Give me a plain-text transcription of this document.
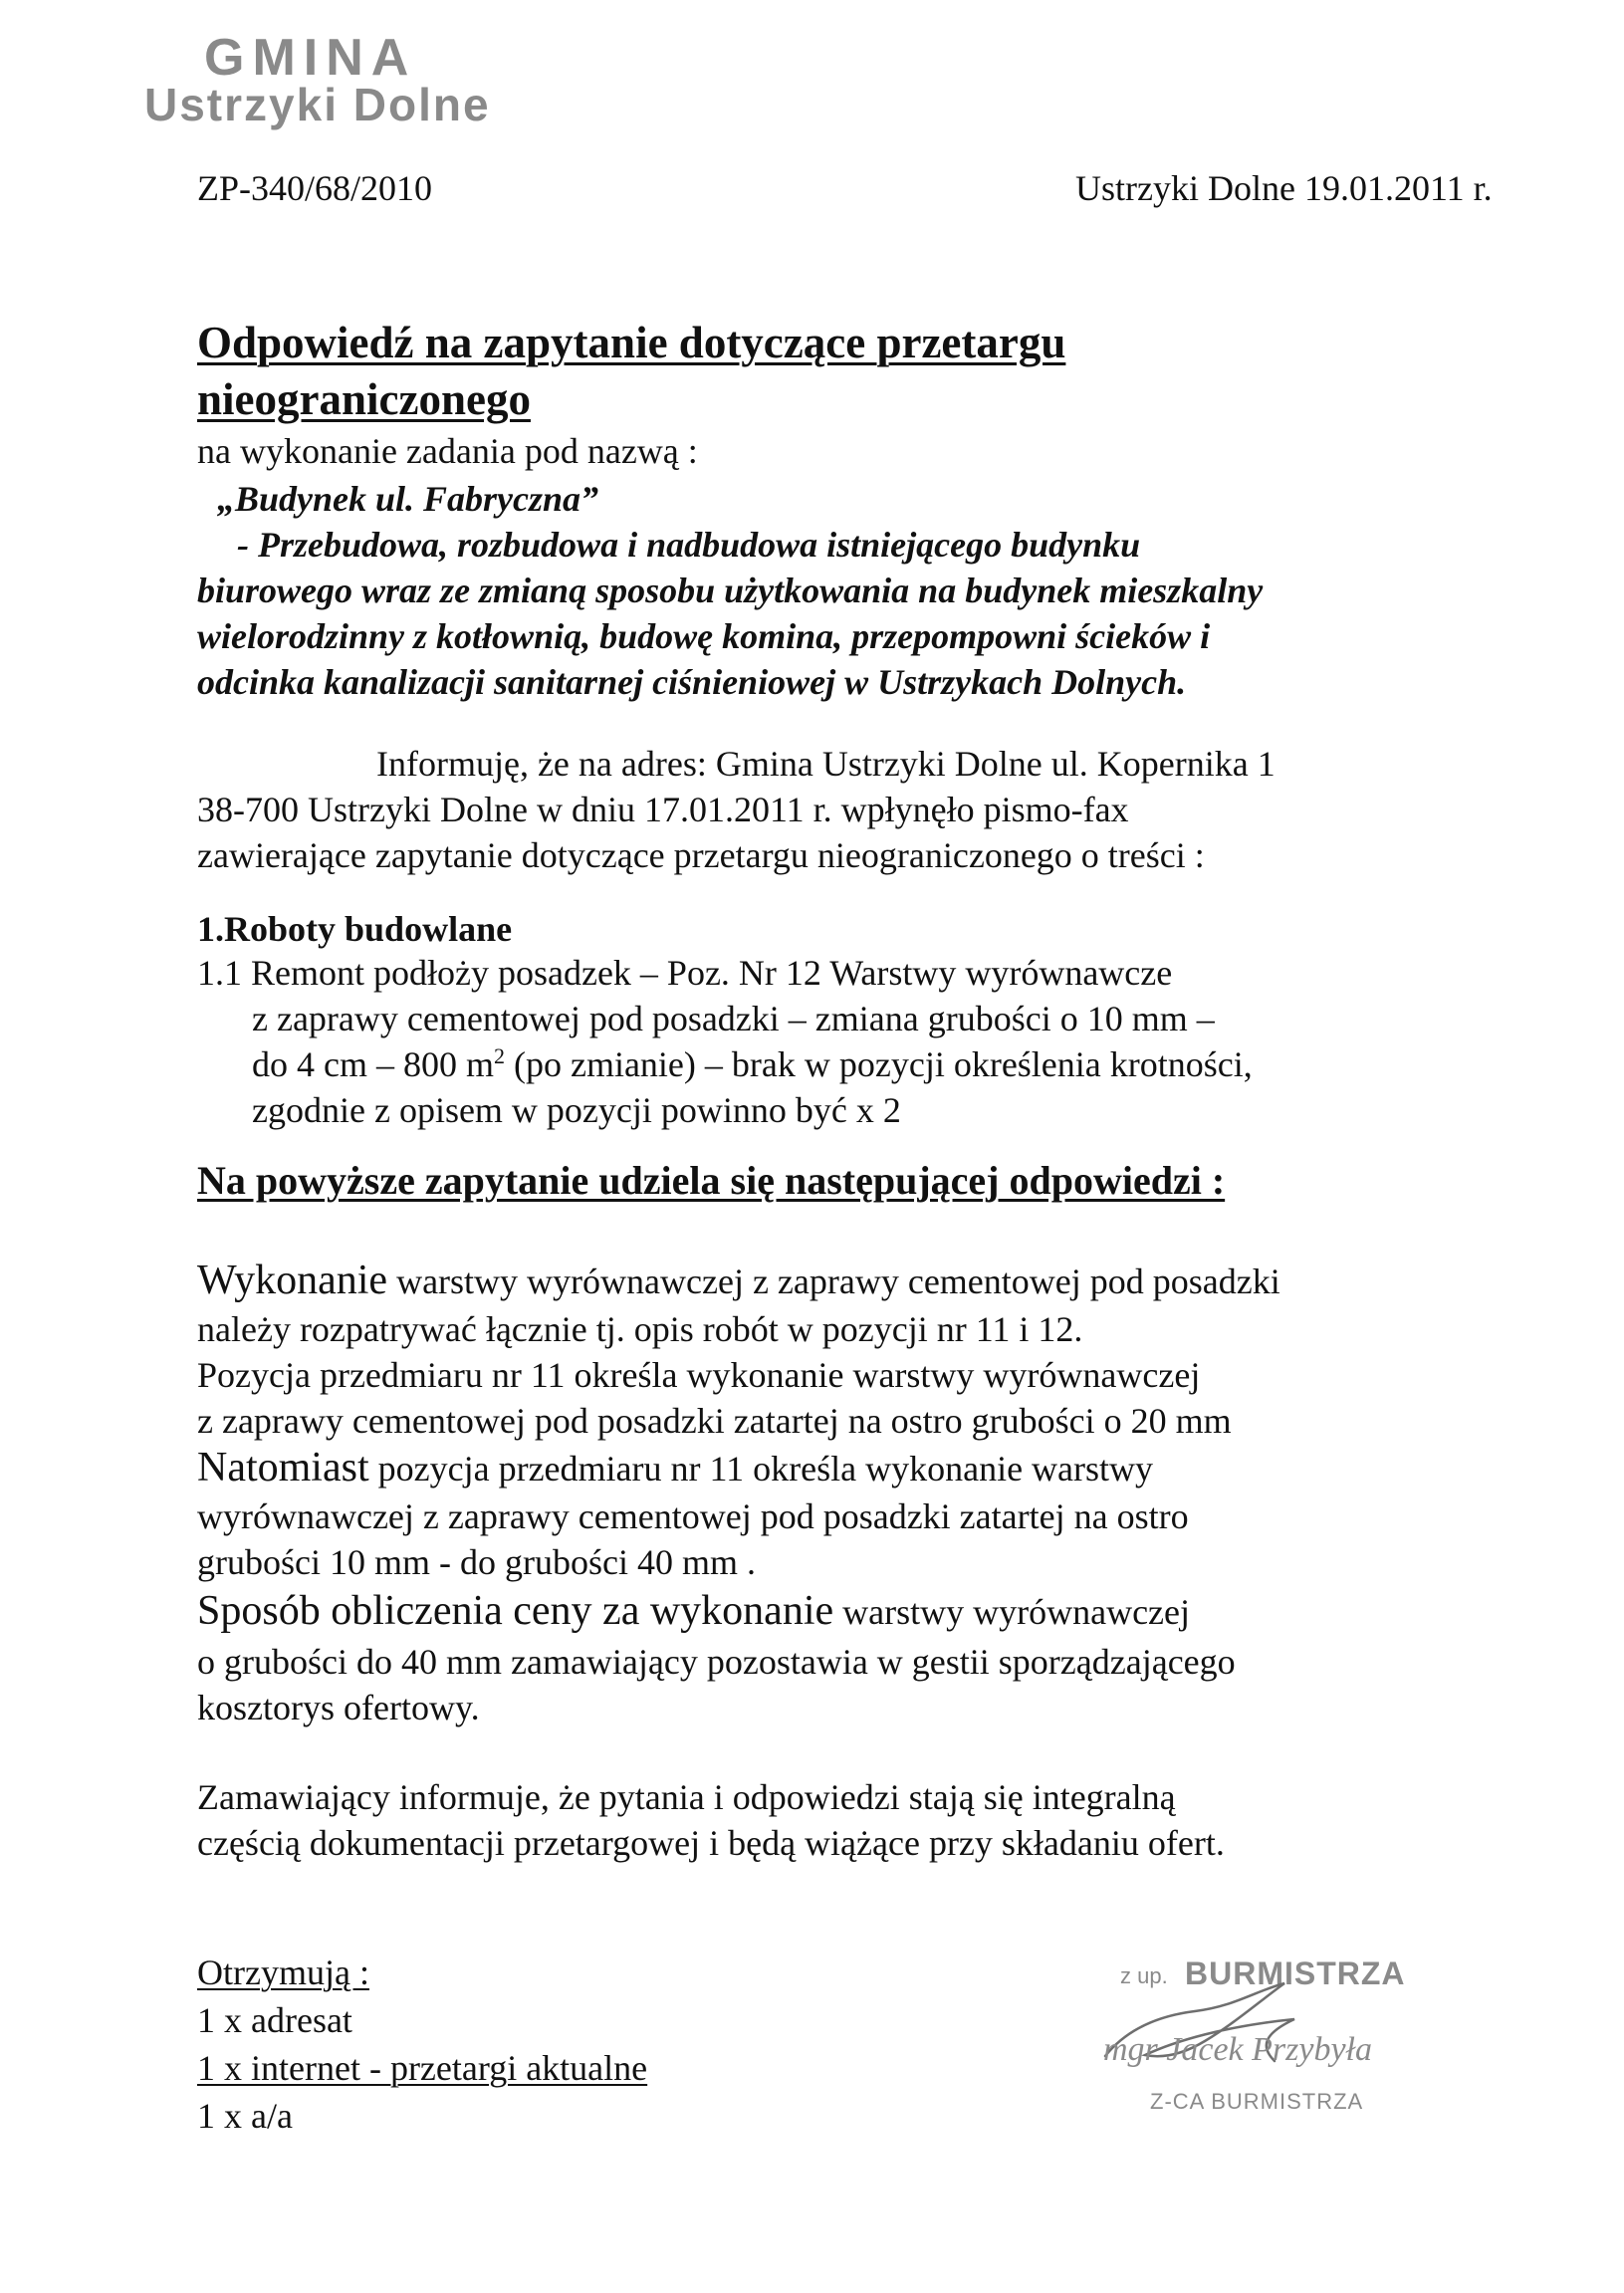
GMINA
Ustrzyki Dolne
ZP-340/68/2010	Ustrzyki Dolne 19.01.2011 r.
Odpowiedź na zapytanie dotyczące przetargu
nieograniczonego
na wykonanie zadania pod nazwą :
„Budynek ul. Fabryczna”
- Przebudowa, rozbudowa i nadbudowa istniejącego budynku
biurowego wraz ze zmianą sposobu użytkowania na budynek mieszkalny
wielorodzinny z kotłownią, budowę komina, przepompowni ścieków i
odcinka kanalizacji sanitarnej ciśnieniowej w Ustrzykach Dolnych.
Informuję, że na adres: Gmina Ustrzyki Dolne ul. Kopernika 1
38-700 Ustrzyki Dolne w dniu 17.01.2011 r. wpłynęło pismo-fax
zawierające zapytanie dotyczące przetargu nieograniczonego o treści :
1.Roboty budowlane
1.1 Remont podłoży posadzek – Poz. Nr 12 Warstwy wyrównawcze
z zaprawy cementowej pod posadzki – zmiana grubości o 10 mm –
do 4 cm – 800 $m^2$ (po zmianie) – brak w pozycji określenia krotności,
zgodnie z opisem w pozycji powinno być x 2
Na powyższe zapytanie udziela się następującej odpowiedzi :
Wykonanie warstwy wyrównawczej z zaprawy cementowej pod posadzki
należy rozpatrywać łącznie tj. opis robót w pozycji nr 11 i 12.
Pozycja przedmiaru nr 11 określa wykonanie warstwy wyrównawczej
z zaprawy cementowej pod posadzki zatartej na ostro grubości o 20 mm
Natomiast pozycja przedmiaru nr 11 określa wykonanie warstwy
wyrównawczej z zaprawy cementowej pod posadzki zatartej na ostro
grubości 10 mm - do grubości 40 mm .
Sposób obliczenia ceny za wykonanie warstwy wyrównawczej
o grubości do 40 mm zamawiający pozostawia w gestii sporządzającego
kosztorys ofertowy.
Zamawiający informuje, że pytania i odpowiedzi stają się integralną
częścią dokumentacji przetargowej i będą wiążące przy składaniu ofert.
Otrzymują :
1 x adresat
1 x internet - przetargi aktualne
1 x a/a
z up. BURMISTRZA
mgr Jacek Przybyła
Z-CA BURMISTRZA
